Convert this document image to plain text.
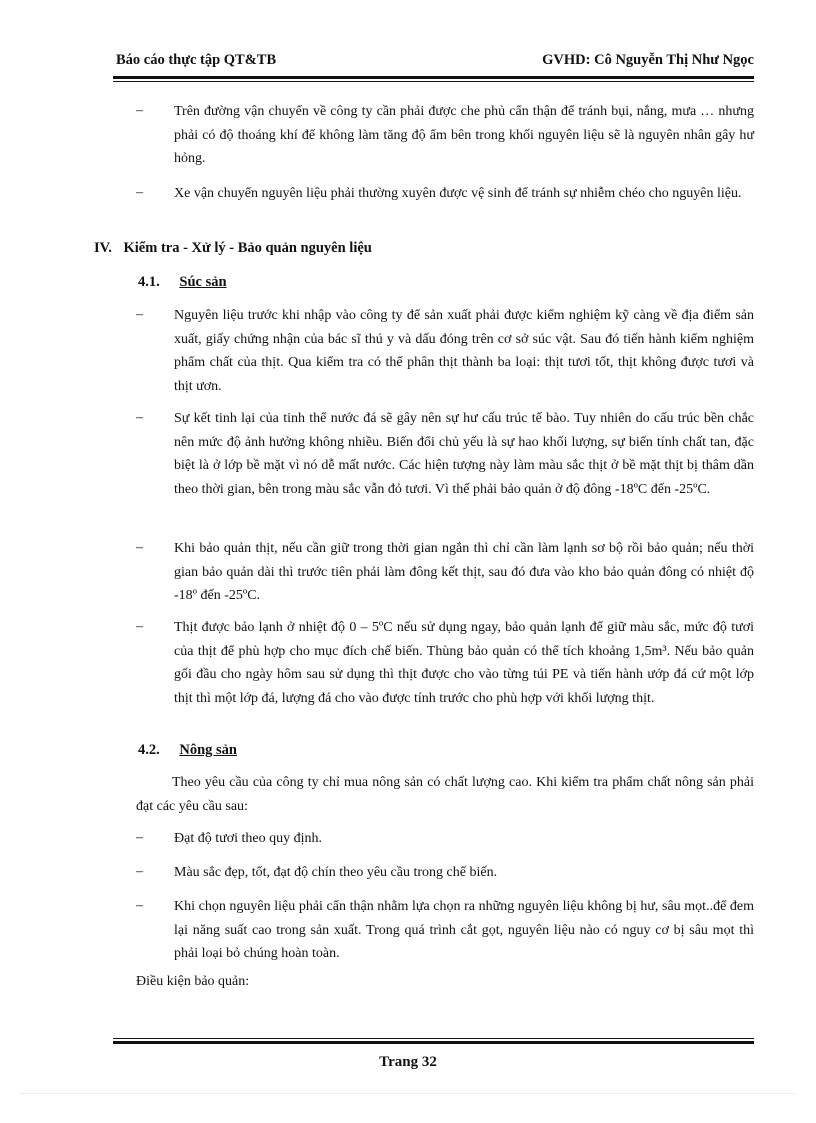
Báo cáo thực tập QT&TB	GVHD: Cô Nguyễn Thị Như Ngọc
–	Trên đường vận chuyển về công ty cần phải được che phủ cẩn thận để tránh bụi, nắng, mưa … nhưng phải có độ thoáng khí để không làm tăng độ ẩm bên trong khối nguyên liệu sẽ là nguyên nhân gây hư hỏng.
–	Xe vận chuyển nguyên liệu phải thường xuyên được vệ sinh để tránh sự nhiễm chéo cho nguyên liệu.
IV. Kiểm tra - Xử lý - Bảo quản nguyên liệu
4.1. Súc sản
–	Nguyên liệu trước khi nhập vào công ty để sản xuất phải được kiểm nghiệm kỹ càng về địa điểm sản xuất, giấy chứng nhận của bác sĩ thú y và dấu đóng trên cơ sở súc vật. Sau đó tiến hành kiểm nghiệm phẩm chất của thịt. Qua kiểm tra có thể phân thịt thành ba loại: thịt tươi tốt, thịt không được tươi và thịt ươn.
–	Sự kết tinh lại của tinh thể nước đá sẽ gây nên sự hư cấu trúc tế bào. Tuy nhiên do cấu trúc bền chắc nên mức độ ảnh hưởng không nhiều. Biến đổi chủ yếu là sự hao khối lượng, sự biến tính chất tan, đặc biệt là ở lớp bề mặt vì nó dễ mất nước. Các hiện tượng này làm màu sắc thịt ở bề mặt thịt bị thâm dần theo thời gian, bên trong màu sắc vẫn đỏ tươi. Vì thế phải bảo quản ở độ đông -18ºC đến -25ºC.
–	Khi bảo quản thịt, nếu cần giữ trong thời gian ngắn thì chỉ cần làm lạnh sơ bộ rồi bảo quản; nếu thời gian bảo quản dài thì trước tiên phải làm đông kết thịt, sau đó đưa vào kho bảo quản đông có nhiệt độ -18º đến -25ºC.
–	Thịt được bảo lạnh ở nhiệt độ 0 – 5ºC nếu sử dụng ngay, bảo quản lạnh để giữ màu sắc, mức độ tươi của thịt để phù hợp cho mục đích chế biến. Thùng bảo quản có thể tích khoảng 1,5m³. Nếu bảo quản gối đầu cho ngày hôm sau sử dụng thì thịt được cho vào từng túi PE và tiến hành ướp đá cứ một lớp thịt thì một lớp đá, lượng đá cho vào được tính trước cho phù hợp với khối lượng thịt.
4.2. Nông sản
Theo yêu cầu của công ty chỉ mua nông sản có chất lượng cao. Khi kiểm tra phẩm chất nông sản phải đạt các yêu cầu sau:
–	Đạt độ tươi theo quy định.
–	Màu sắc đẹp, tốt, đạt độ chín theo yêu cầu trong chế biến.
–	Khi chọn nguyên liệu phải cẩn thận nhằm lựa chọn ra những nguyên liệu không bị hư, sâu mọt..để đem lại năng suất cao trong sản xuất. Trong quá trình cắt gọt, nguyên liệu nào có nguy cơ bị sâu mọt thì phải loại bỏ chúng hoàn toàn.
Điều kiện bảo quản:
Trang 32
